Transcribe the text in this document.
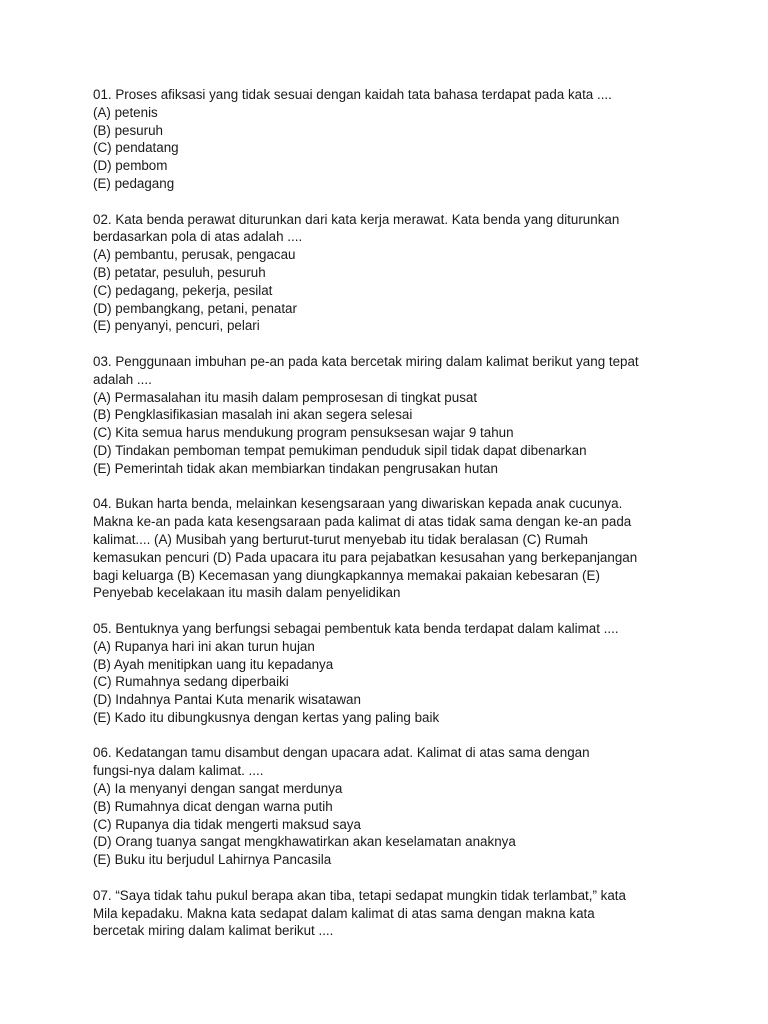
01. Proses afiksasi yang tidak sesuai dengan kaidah tata bahasa terdapat pada kata ....
(A) petenis
(B) pesuruh
(C) pendatang
(D) pembom
(E) pedagang
02. Kata benda perawat diturunkan dari kata kerja merawat. Kata benda yang diturunkan
berdasarkan pola di atas adalah ....
(A) pembantu, perusak, pengacau
(B) petatar, pesuluh, pesuruh
(C) pedagang, pekerja, pesilat
(D) pembangkang, petani, penatar
(E) penyanyi, pencuri, pelari
03. Penggunaan imbuhan pe-an pada kata bercetak miring dalam kalimat berikut yang tepat
adalah ....
(A) Permasalahan itu masih dalam pemprosesan di tingkat pusat
(B) Pengklasifikasian masalah ini akan segera selesai
(C) Kita semua harus mendukung program pensuksesan wajar 9 tahun
(D) Tindakan pemboman tempat pemukiman penduduk sipil tidak dapat dibenarkan
(E) Pemerintah tidak akan membiarkan tindakan pengrusakan hutan
04. Bukan harta benda, melainkan kesengsaraan yang diwariskan kepada anak cucunya.
Makna ke-an pada kata kesengsaraan pada kalimat di atas tidak sama dengan ke-an pada
kalimat.... (A) Musibah yang berturut-turut menyebab itu tidak beralasan (C) Rumah
kemasukan pencuri (D) Pada upacara itu para pejabatkan kesusahan yang berkepanjangan
bagi keluarga (B) Kecemasan yang diungkapkannya memakai pakaian kebesaran (E)
Penyebab kecelakaan itu masih dalam penyelidikan
05. Bentuknya yang berfungsi sebagai pembentuk kata benda terdapat dalam kalimat ....
(A) Rupanya hari ini akan turun hujan
(B) Ayah menitipkan uang itu kepadanya
(C) Rumahnya sedang diperbaiki
(D) Indahnya Pantai Kuta menarik wisatawan
(E) Kado itu dibungkusnya dengan kertas yang paling baik
06. Kedatangan tamu disambut dengan upacara adat. Kalimat di atas sama dengan
fungsi-nya dalam kalimat. ....
(A) Ia menyanyi dengan sangat merdunya
(B) Rumahnya dicat dengan warna putih
(C) Rupanya dia tidak mengerti maksud saya
(D) Orang tuanya sangat mengkhawatirkan akan keselamatan anaknya
(E) Buku itu berjudul Lahirnya Pancasila
07. “Saya tidak tahu pukul berapa akan tiba, tetapi sedapat mungkin tidak terlambat,” kata
Mila kepadaku. Makna kata sedapat dalam kalimat di atas sama dengan makna kata
bercetak miring dalam kalimat berikut ....
